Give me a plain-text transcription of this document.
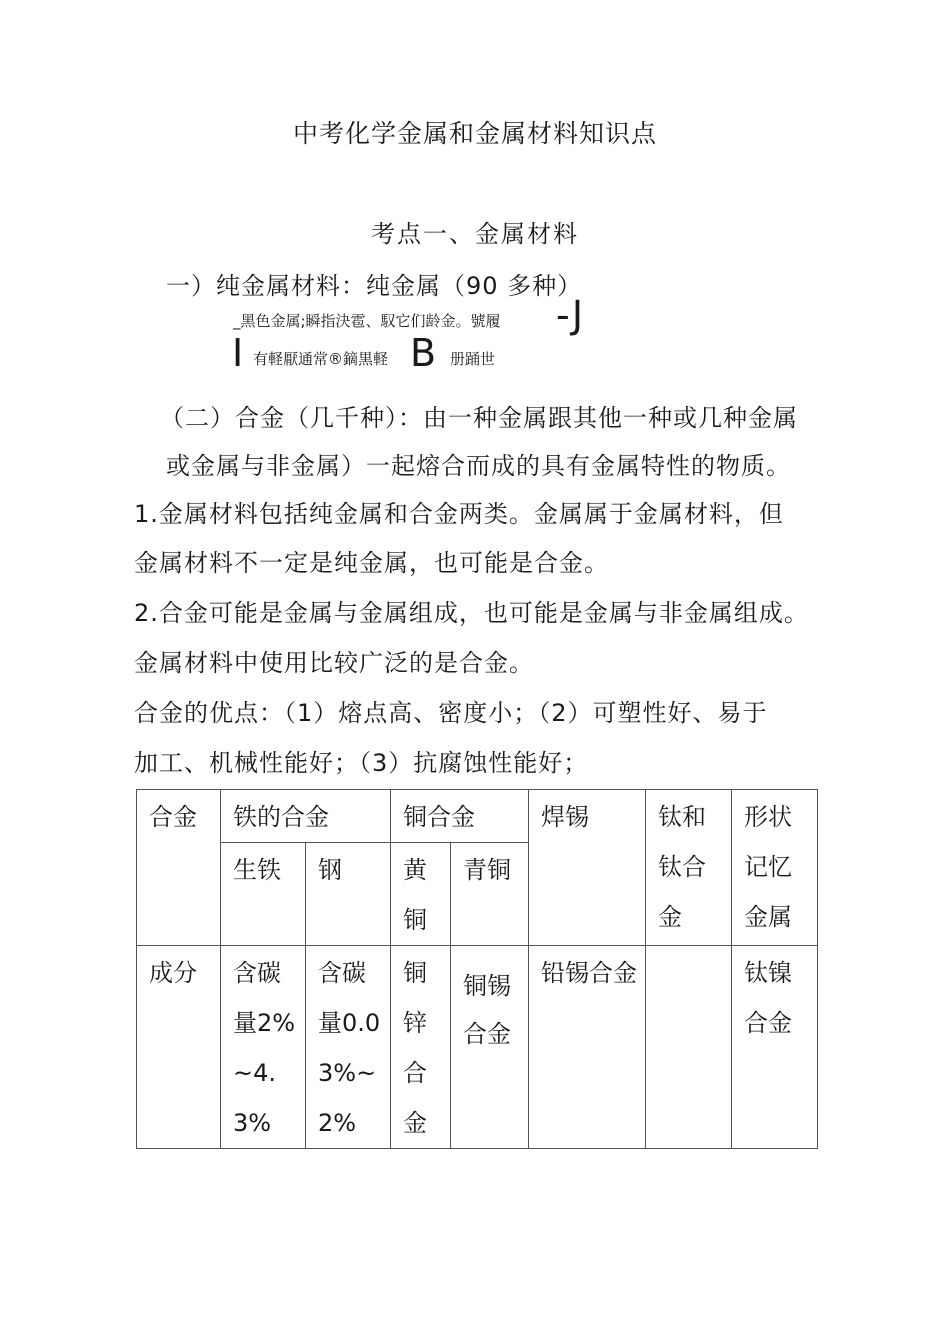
中考化学金属和金属材料知识点
考点一、金属材料
一）纯金属材料：纯金属（90 多种）
_黑色金属;瞬指決雹、馭它们龄金。號履 -J
I 有軽厭通常®鏑黒軽 B 册踊世
（二）合金（几千种）：由一种金属跟其他一种或几种金属
或金属与非金属）一起熔合而成的具有金属特性的物质。
1.金属材料包括纯金属和合金两类。金属属于金属材料，但
金属材料不一定是纯金属，也可能是合金。
2.合金可能是金属与金属组成，也可能是金属与非金属组成。
金属材料中使用比较广泛的是合金。
合金的优点：（1）熔点高、密度小；（2）可塑性好、易于
加工、机械性能好；（3）抗腐蚀性能好；
合金	铁的合金		铜合金		焊锡	钛和钛合金	形状记忆金属
	生铁	钢	黄铜	青铜			
成分	含碳量2%~4.3%	含碳量0.03%~2%	铜锌合金	铜锡合金	铅锡合金		钛镍合金
